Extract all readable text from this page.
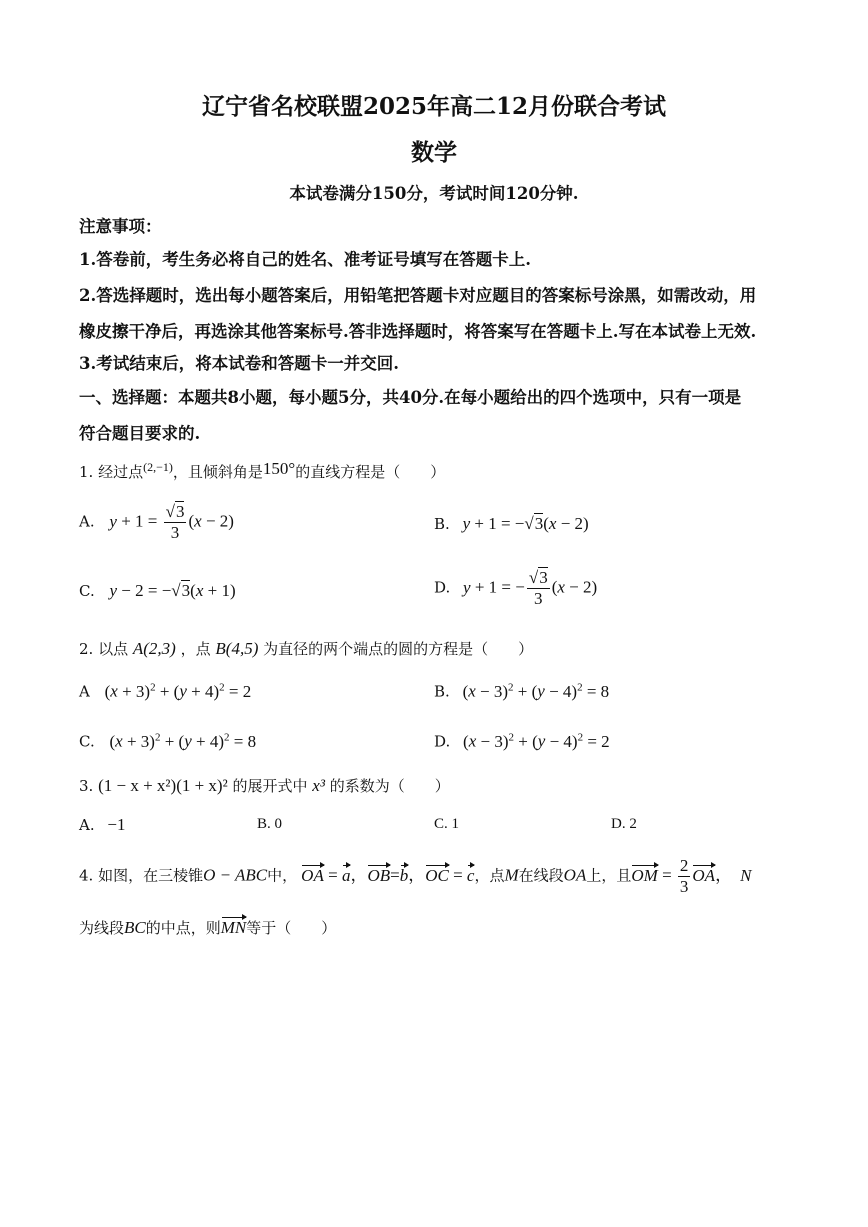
辽宁省名校联盟2025年高二12月份联合考试
数学
本试卷满分150分，考试时间120分钟.
注意事项：
1.答卷前，考生务必将自己的姓名、准考证号填写在答题卡上.
2.答选择题时，选出每小题答案后，用铅笔把答题卡对应题目的答案标号涂黑，如需改动，用
橡皮擦干净后，再选涂其他答案标号.答非选择题时，将答案写在答题卡上.写在本试卷上无效.
3.考试结束后，将本试卷和答题卡一并交回.
一、选择题：本题共8小题，每小题5分，共40分.在每小题给出的四个选项中，只有一项是
符合题目要求的.
1. 经过点$^{(2,-1)}$，且倾斜角是150°的直线方程是（　　）
A. $y + 1 = \frac{√3}{3} (x - 2)$	B. y + 1 = −√3(x − 2)
C. y − 2 = −√3(x + 1)	D. y + 1 = − $\frac{√3}{3} (x - 2)$
2. 以点 A(2,3) ，点 B(4,5) 为直径的两个端点的圆的方程是（　　）
A $(x + 3)^2 + (y + 4)^2 = 2$	B. $(x - 3)^2 + (y - 4)^2 = 8$
C. $(x + 3)^2 + (y + 4)^2 = 8$	D. $(x - 3)^2 + (y - 4)^2 = 2$
3. (1 − x + x²)(1 + x)² 的展开式中 x³ 的系数为（　　）
A. −1	B. 0	C. 1	D. 2
4. 如图，在三棱锥O − ABC中， OA = a，OB=b，OC = c，点M在线段OA上，且OM = $\frac{2}{3}$ OA， N
为线段BC的中点，则MN等于（　　）
